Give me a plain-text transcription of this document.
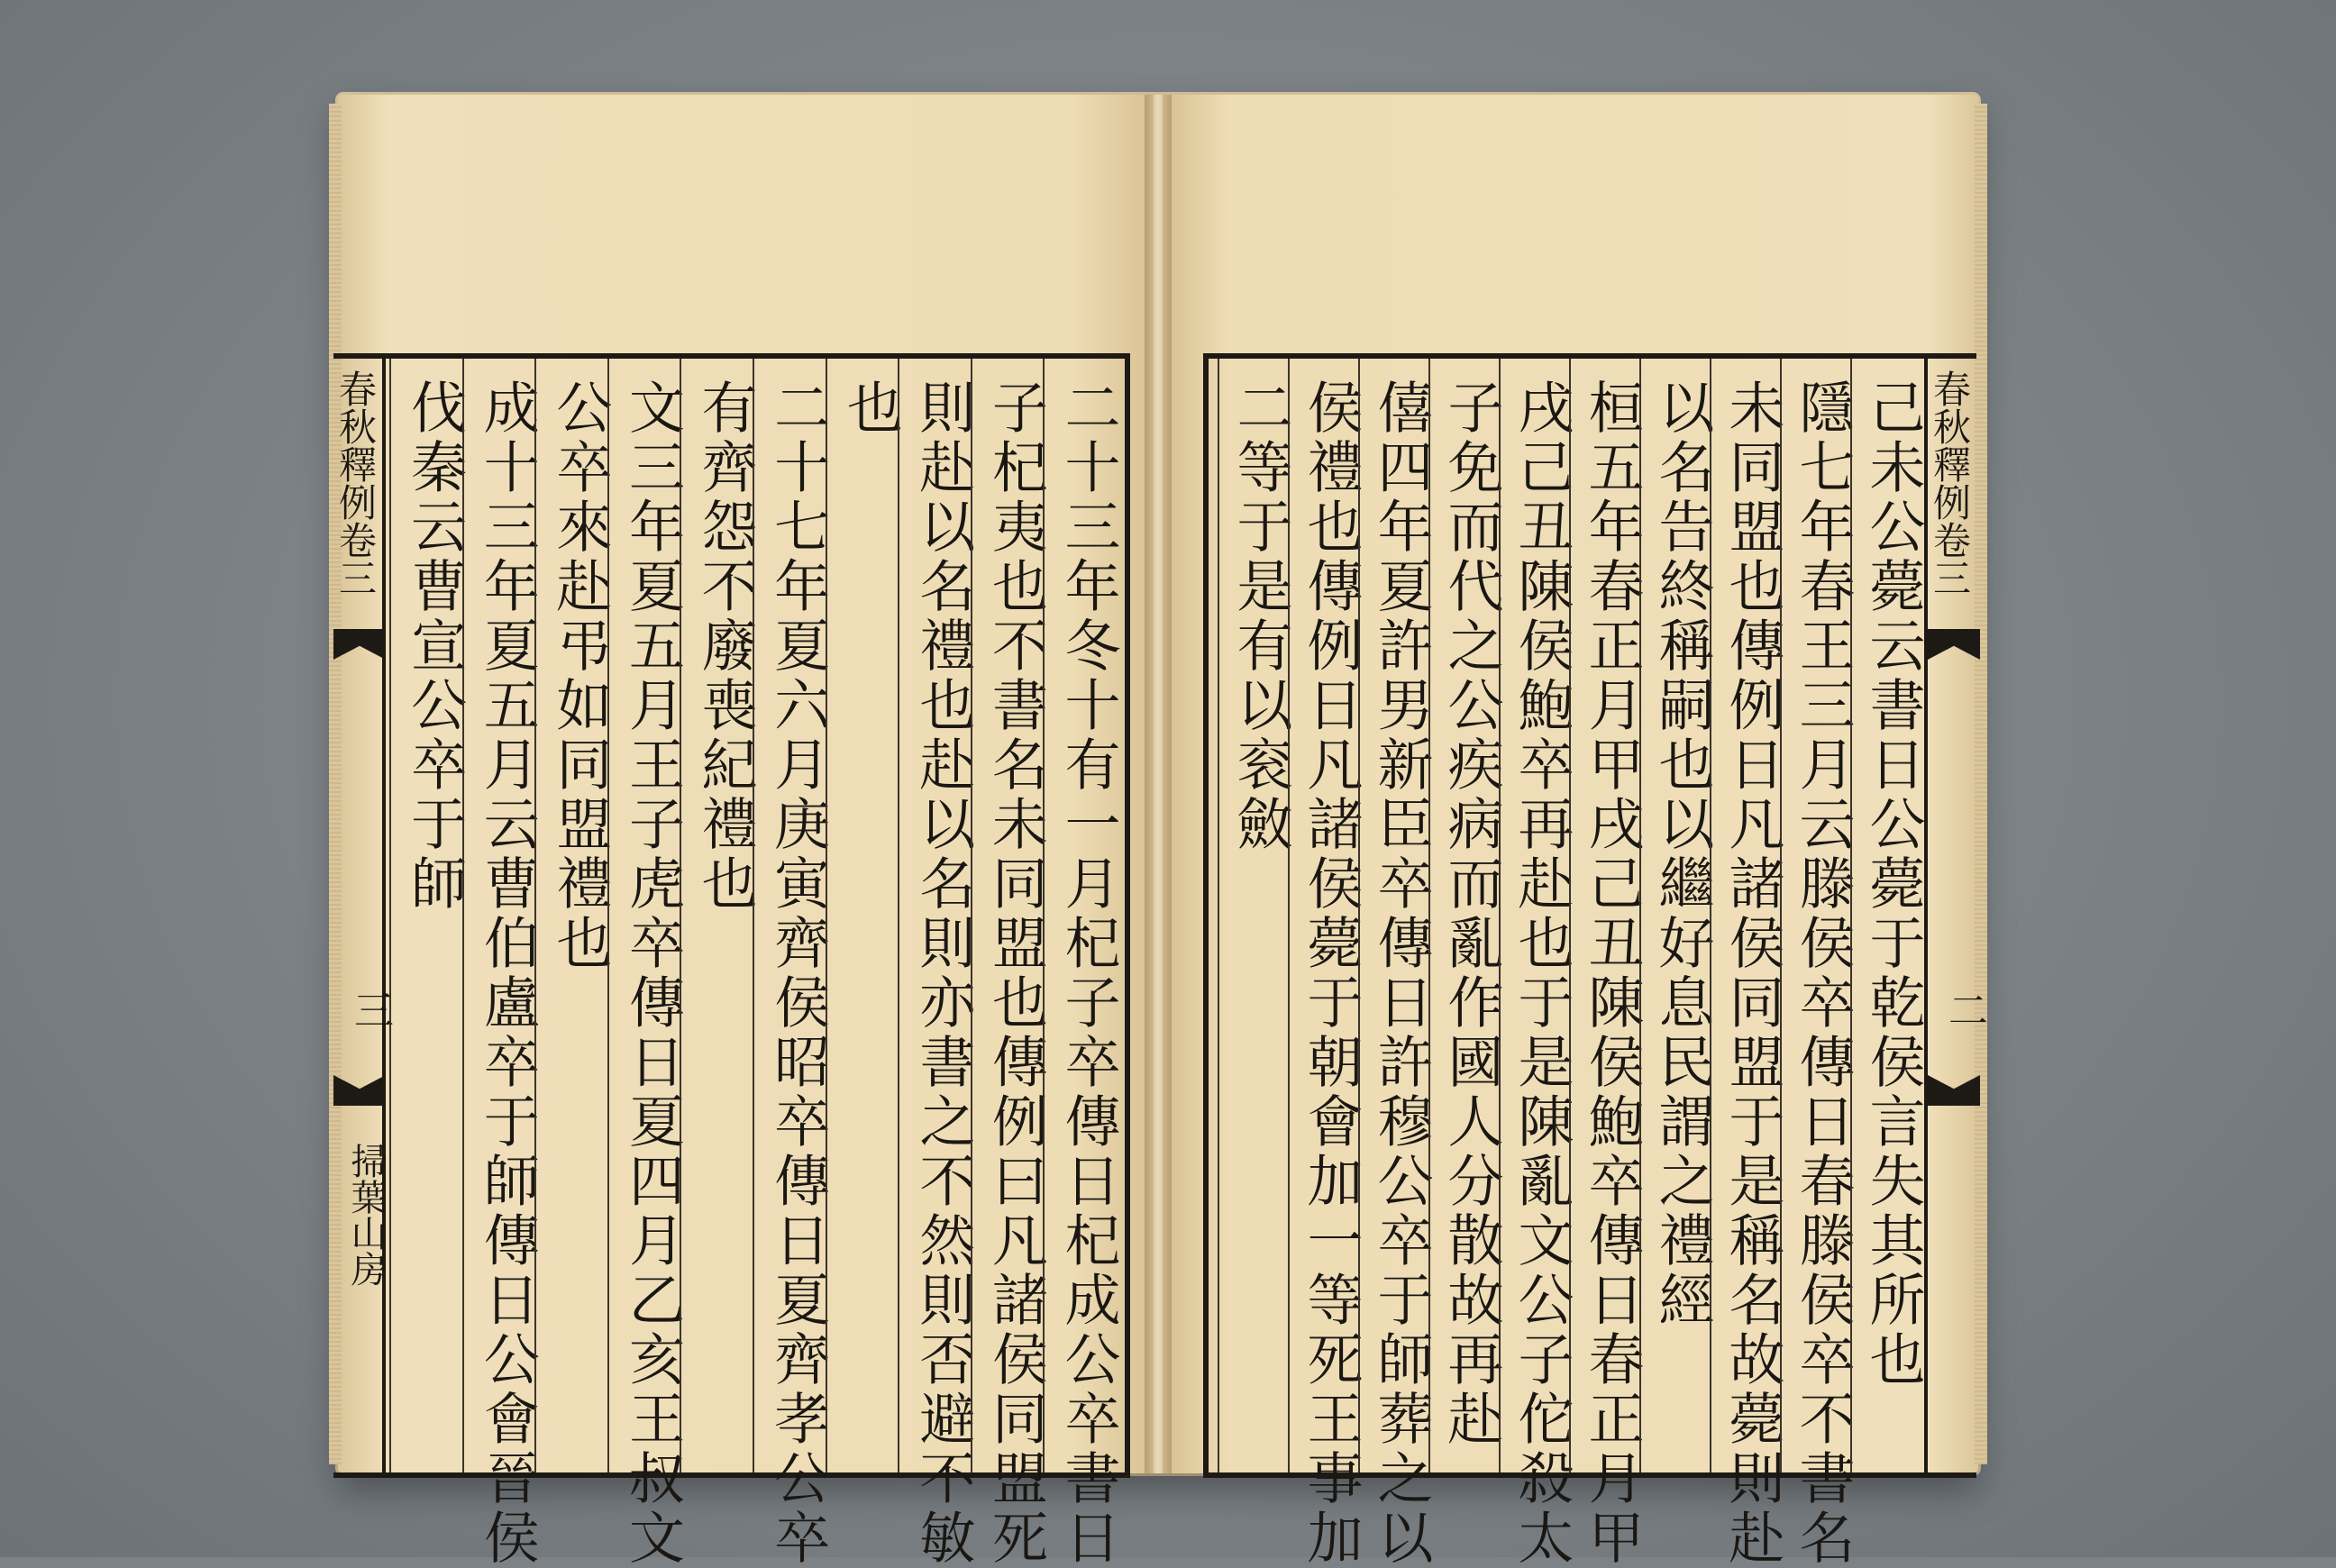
春秋釋例卷三
三
掃葉山房	二十三年冬十有一月杞子卒傳日杞成公卒書日
子杞夷也不書名未同盟也傳例曰凡諸侯同盟死
則赴以名禮也赴以名則亦書之不然則否避不敏
也
二十七年夏六月庚寅齊侯昭卒傳日夏齊孝公卒
有齊怨不廢喪紀禮也
文三年夏五月王子虎卒傳日夏四月乙亥王叔文
公卒來赴弔如同盟禮也
成十三年夏五月云曹伯盧卒于師傳日公會晉侯
伐秦云曹宣公卒于師	春秋釋例卷三
二
己未公薨云書日公薨于乾侯言失其所也
隱七年春王三月云滕侯卒傳日春滕侯卒不書名
未同盟也傳例日凡諸侯同盟于是稱名故薨則赴
以名告終稱嗣也以繼好息民謂之禮經
桓五年春正月甲戌己丑陳侯鮑卒傳日春正月甲
戌己丑陳侯鮑卒再赴也于是陳亂文公子佗殺太
子免而代之公疾病而亂作國人分散故再赴
僖四年夏許男新臣卒傳日許穆公卒于師葬之以
侯禮也傳例日凡諸侯薨于朝會加一等死王事加
二等于是有以衮斂
